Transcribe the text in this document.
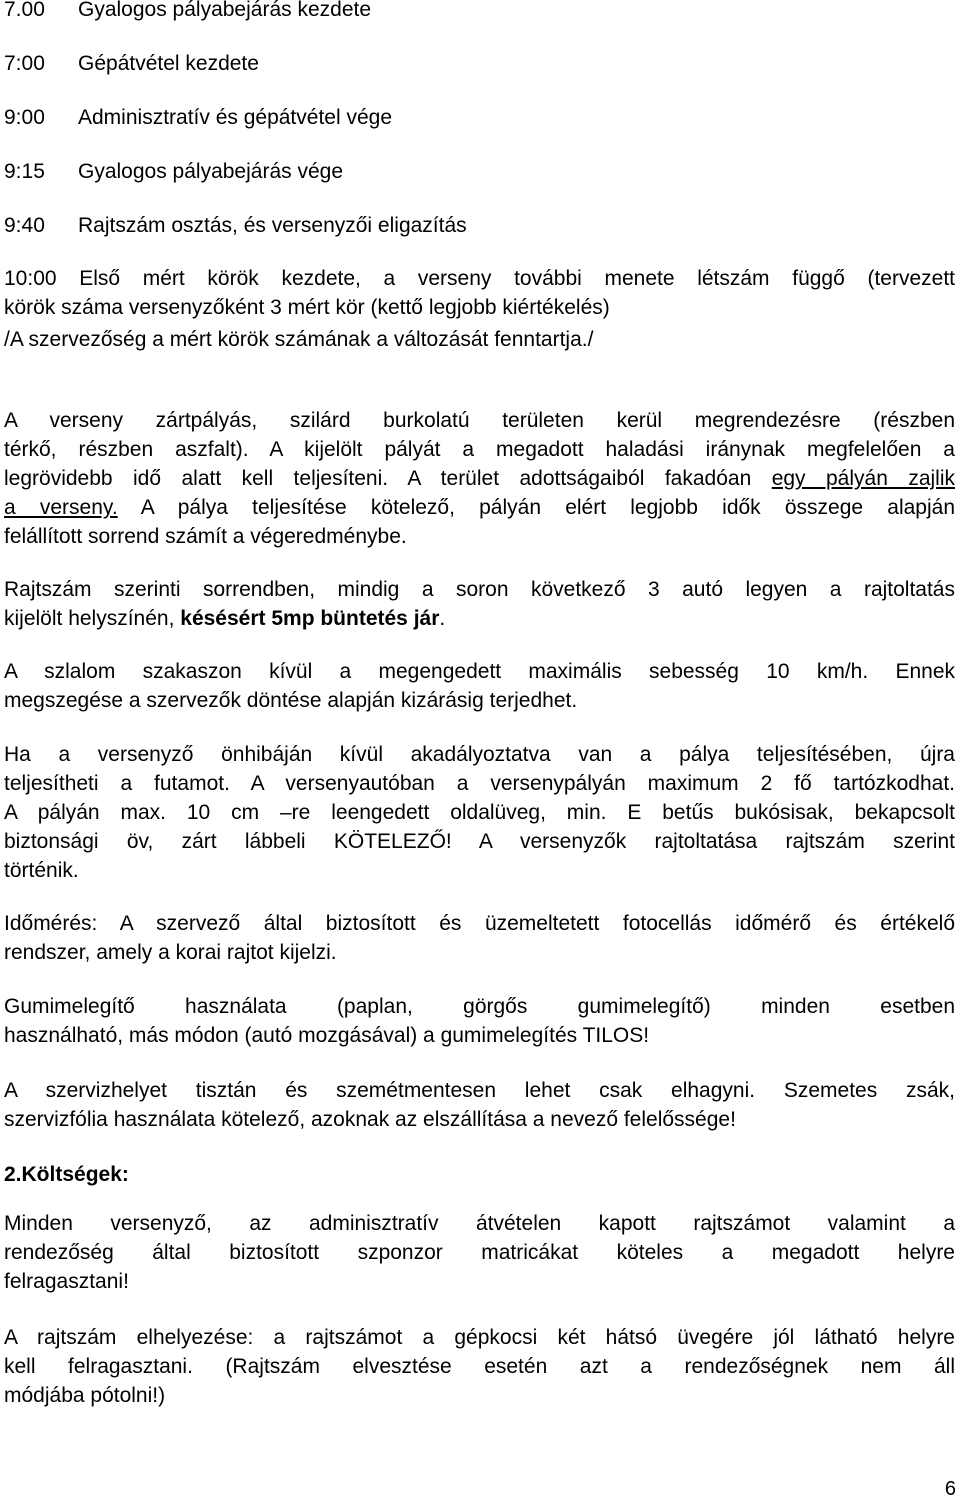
7.00 Gyalogos pályabejárás kezdete
7:00 Gépátvétel kezdete
9:00 Adminisztratív és gépátvétel vége
9:15 Gyalogos pályabejárás vége
9:40 Rajtszám osztás, és versenyzői eligazítás
10:00 Első mért körök kezdete, a verseny további menete létszám függő (tervezett
körök száma versenyzőként 3 mért kör (kettő legjobb kiértékelés)
/A szervezőség a mért körök számának a változását fenntartja./
A verseny zártpályás, szilárd burkolatú területen kerül megrendezésre (részben
térkő, részben aszfalt). A kijelölt pályát a megadott haladási iránynak megfelelően a
legrövidebb idő alatt kell teljesíteni. A terület adottságaiból fakadóan egy pályán zajlik
a verseny. A pálya teljesítése kötelező, pályán elért legjobb idők összege alapján
felállított sorrend számít a végeredménybe.
Rajtszám szerinti sorrendben, mindig a soron következő 3 autó legyen a rajtoltatás
kijelölt helyszínén, késésért 5mp büntetés jár.
A szlalom szakaszon kívül a megengedett maximális sebesség 10 km/h. Ennek
megszegése a szervezők döntése alapján kizárásig terjedhet.
Ha a versenyző önhibáján kívül akadályoztatva van a pálya teljesítésében, újra
teljesítheti a futamot. A versenyautóban a versenypályán maximum 2 fő tartózkodhat.
A pályán max. 10 cm –re leengedett oldalüveg, min. E betűs bukósisak, bekapcsolt
biztonsági öv, zárt lábbeli KÖTELEZŐ! A versenyzők rajtoltatása rajtszám szerint
történik.
Időmérés: A szervező által biztosított és üzemeltetett fotocellás időmérő és értékelő
rendszer, amely a korai rajtot kijelzi.
Gumimelegítő használata (paplan, görgős gumimelegítő) minden esetben
használható, más módon (autó mozgásával) a gumimelegítés TILOS!
A szervizhelyet tisztán és szemétmentesen lehet csak elhagyni. Szemetes zsák,
szervizfólia használata kötelező, azoknak az elszállítása a nevező felelőssége!
2.Költségek:
Minden versenyző, az adminisztratív átvételen kapott rajtszámot valamint a
rendezőség által biztosított szponzor matricákat köteles a megadott helyre
felragasztani!
A rajtszám elhelyezése: a rajtszámot a gépkocsi két hátsó üvegére jól látható helyre
kell felragasztani. (Rajtszám elvesztése esetén azt a rendezőségnek nem áll
módjába pótolni!)
6
